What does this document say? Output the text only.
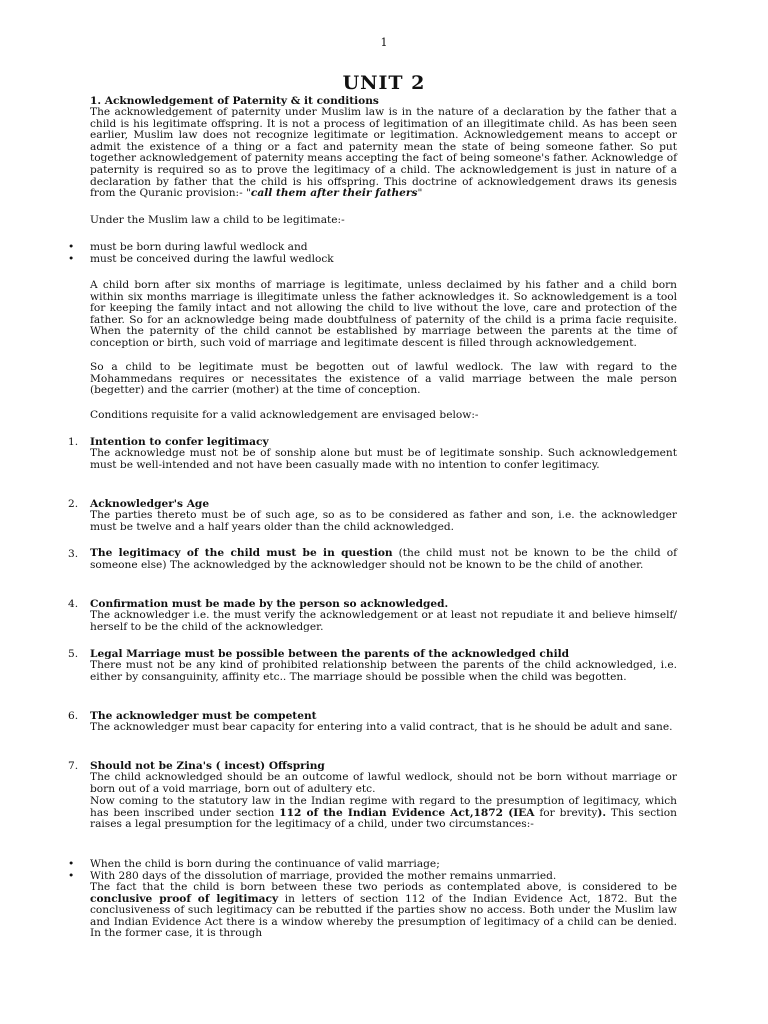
1
UNIT 2
1. Acknowledgement of Paternity & it conditions
The acknowledgement of paternity under Muslim law is in the nature of a declaration by the father that a child is his legitimate offspring. It is not a process of legitimation of an illegitimate child. As has been seen earlier, Muslim law does not recognize legitimate or legitimation. Acknowledgement means to accept or admit the existence of a thing or a fact and paternity mean the state of being someone father. So put together acknowledgement of paternity means accepting the fact of being someone's father. Acknowledge of paternity is required so as to prove the legitimacy of a child. The acknowledgement is just in nature of a declaration by father that the child is his offspring. This doctrine of acknowledgement draws its genesis from the Quranic provision:- "call them after their fathers"
Under the Muslim law a child to be legitimate:-
• must be born during lawful wedlock and
• must be conceived during the lawful wedlock
A child born after six months of marriage is legitimate, unless declaimed by his father and a child born within six months marriage is illegitimate unless the father acknowledges it. So acknowledgement is a tool for keeping the family intact and not allowing the child to live without the love, care and protection of the father. So for an acknowledge being made doubtfulness of paternity of the child is a prima facie requisite. When the paternity of the child cannot be established by marriage between the parents at the time of conception or birth, such void of marriage and legitimate descent is filled through acknowledgement.
So a child to be legitimate must be begotten out of lawful wedlock. The law with regard to the Mohammedans requires or necessitates the existence of a valid marriage between the male person (begetter) and the carrier (mother) at the time of conception.
Conditions requisite for a valid acknowledgement are envisaged below:-
1. Intention to confer legitimacy
The acknowledge must not be of sonship alone but must be of legitimate sonship. Such acknowledgement must be well-intended and not have been casually made with no intention to confer legitimacy.
2. Acknowledger's Age
The parties thereto must be of such age, so as to be considered as father and son, i.e. the acknowledger must be twelve and a half years older than the child acknowledged.
3. The legitimacy of the child must be in question (the child must not be known to be the child of someone else) The acknowledged by the acknowledger should not be known to be the child of another.
4. Confirmation must be made by the person so acknowledged.
The acknowledger i.e. the must verify the acknowledgement or at least not repudiate it and believe himself/ herself to be the child of the acknowledger.
5. Legal Marriage must be possible between the parents of the acknowledged child
There must not be any kind of prohibited relationship between the parents of the child acknowledged, i.e. either by consanguinity, affinity etc.. The marriage should be possible when the child was begotten.
6. The acknowledger must be competent
The acknowledger must bear capacity for entering into a valid contract, that is he should be adult and sane.
7. Should not be Zina's ( incest) Offspring
The child acknowledged should be an outcome of lawful wedlock, should not be born without marriage or born out of a void marriage, born out of adultery etc.
Now coming to the statutory law in the Indian regime with regard to the presumption of legitimacy, which has been inscribed under section 112 of the Indian Evidence Act,1872 (IEA for brevity). This section raises a legal presumption for the legitimacy of a child, under two circumstances:-
• When the child is born during the continuance of valid marriage;
• With 280 days of the dissolution of marriage, provided the mother remains unmarried.
The fact that the child is born between these two periods as contemplated above, is considered to be conclusive proof of legitimacy in letters of section 112 of the Indian Evidence Act, 1872. But the conclusiveness of such legitimacy can be rebutted if the parties show no access. Both under the Muslim law and Indian Evidence Act there is a window whereby the presumption of legitimacy of a child can be denied. In the former case, it is through
